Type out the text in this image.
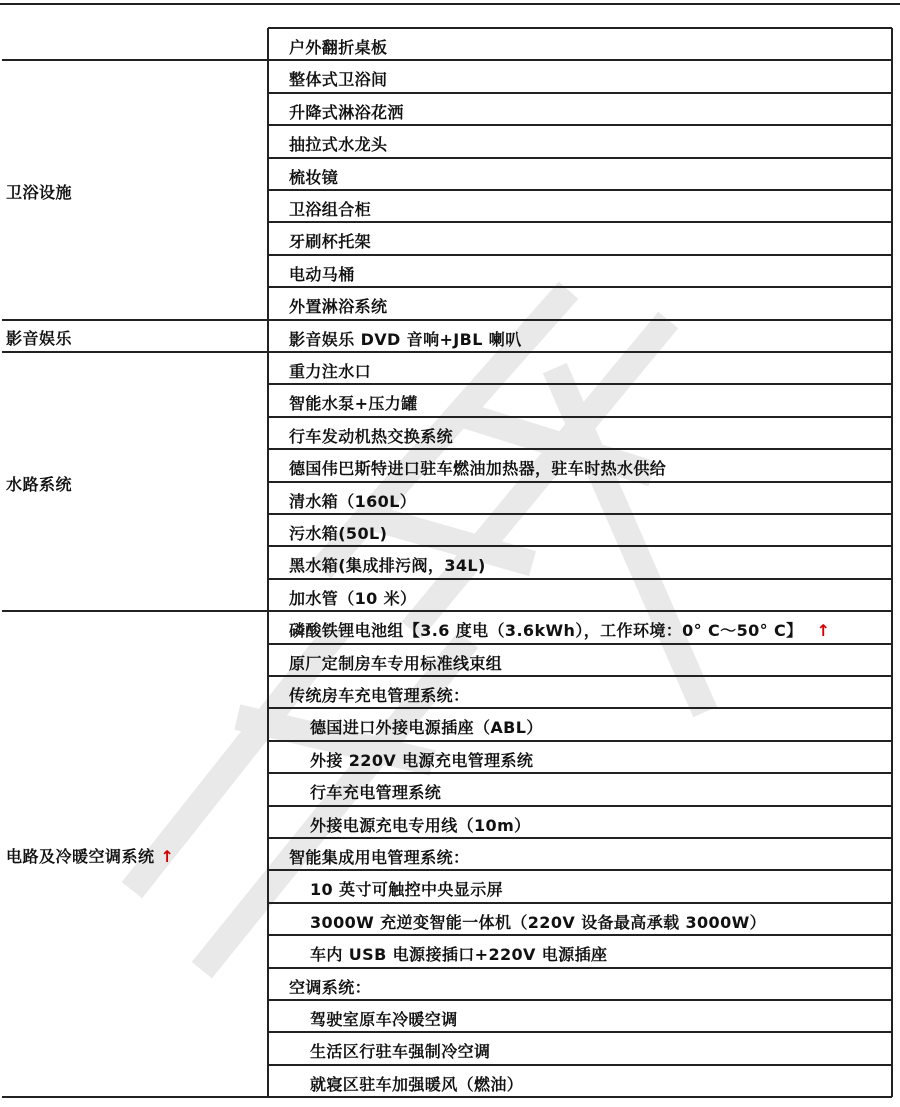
户外翻折桌板
整体式卫浴间
升降式淋浴花洒
抽拉式水龙头
梳妆镜
卫浴组合柜
牙刷杯托架
电动马桶
外置淋浴系统
卫浴设施
影音娱乐 DVD 音响+JBL 喇叭
影音娱乐
重力注水口
智能水泵+压力罐
行车发动机热交换系统
德国伟巴斯特进口驻车燃油加热器，驻车时热水供给
清水箱（160L）
污水箱(50L)
黑水箱(集成排污阀，34L)
加水管（10 米）
水路系统
磷酸铁锂电池组【3.6 度电（3.6kWh），工作环境：0° C～50° C】 ↑
原厂定制房车专用标准线束组
传统房车充电管理系统：
德国进口外接电源插座（ABL）
外接 220V 电源充电管理系统
行车充电管理系统
外接电源充电专用线（10m）
智能集成用电管理系统：
10 英寸可触控中央显示屏
3000W 充逆变智能一体机（220V 设备最高承载 3000W）
车内 USB 电源接插口+220V 电源插座
空调系统：
驾驶室原车冷暖空调
生活区行驻车强制冷空调
就寝区驻车加强暖风（燃油）
电路及冷暖空调系统 ↑
